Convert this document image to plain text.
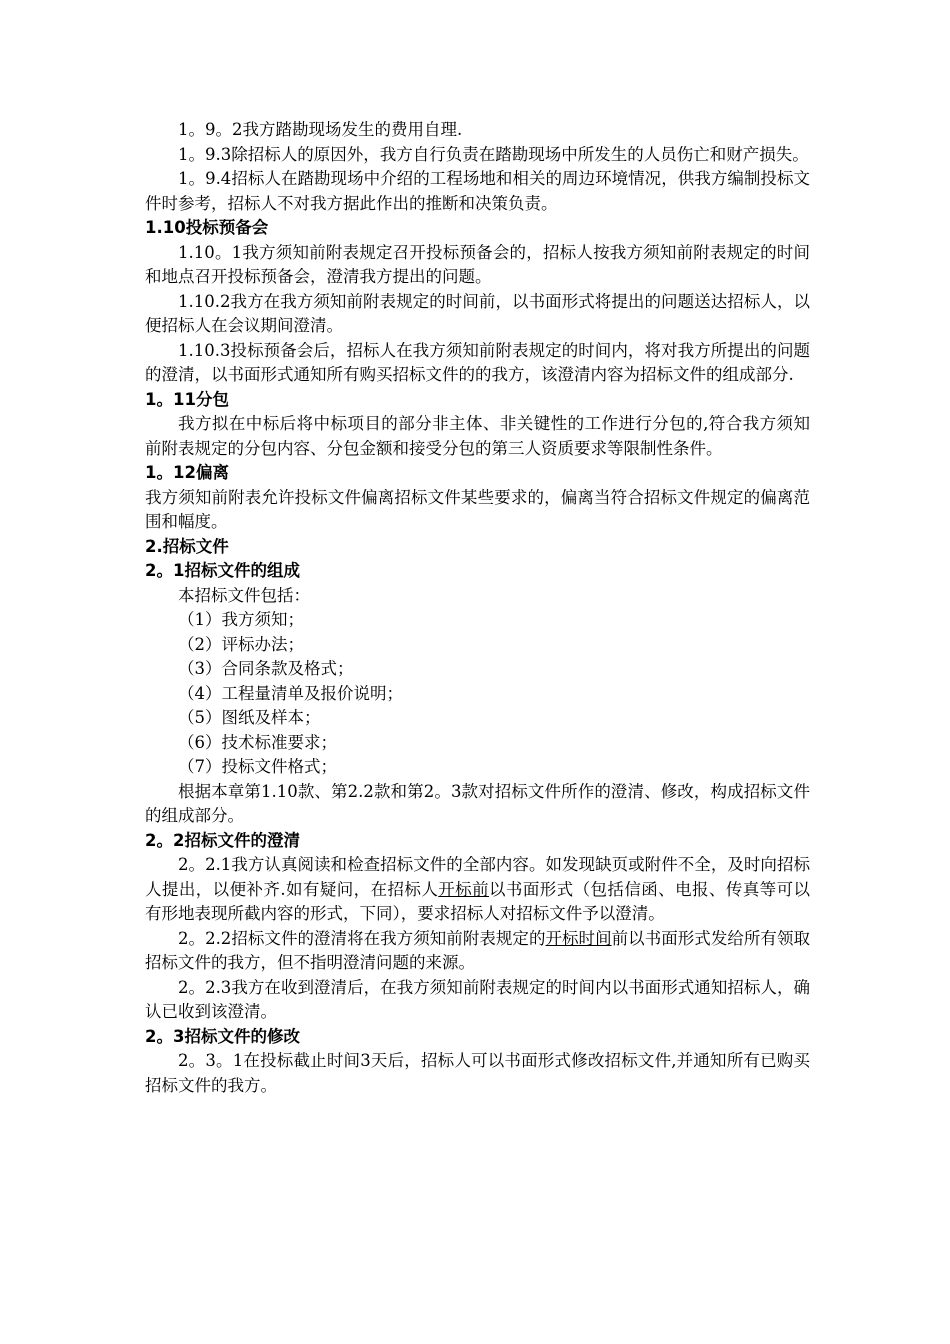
1。9。2我方踏勘现场发生的费用自理.

1。9.3除招标人的原因外，我方自行负责在踏勘现场中所发生的人员伤亡和财产损失。

1。9.4招标人在踏勘现场中介绍的工程场地和相关的周边环境情况，供我方编制投标文件时参考，招标人不对我方据此作出的推断和决策负责。

1.10投标预备会

1.10。1我方须知前附表规定召开投标预备会的，招标人按我方须知前附表规定的时间和地点召开投标预备会，澄清我方提出的问题。

1.10.2我方在我方须知前附表规定的时间前，以书面形式将提出的问题送达招标人，以便招标人在会议期间澄清。

1.10.3投标预备会后，招标人在我方须知前附表规定的时间内，将对我方所提出的问题的澄清，以书面形式通知所有购买招标文件的的我方，该澄清内容为招标文件的组成部分.

1。11分包

我方拟在中标后将中标项目的部分非主体、非关键性的工作进行分包的,符合我方须知前附表规定的分包内容、分包金额和接受分包的第三人资质要求等限制性条件。

1。12偏离

我方须知前附表允许投标文件偏离招标文件某些要求的，偏离当符合招标文件规定的偏离范围和幅度。

2.招标文件

2。1招标文件的组成

本招标文件包括：

（1）我方须知；

（2）评标办法；

（3）合同条款及格式；

（4）工程量清单及报价说明；

（5）图纸及样本；

（6）技术标准要求；

（7）投标文件格式；

根据本章第1.10款、第2.2款和第2。3款对招标文件所作的澄清、修改，构成招标文件的组成部分。

2。2招标文件的澄清

2。2.1我方认真阅读和检查招标文件的全部内容。如发现缺页或附件不全，及时向招标人提出，以便补齐.如有疑问，在招标人开标前以书面形式（包括信函、电报、传真等可以有形地表现所截内容的形式，下同），要求招标人对招标文件予以澄清。

2。2.2招标文件的澄清将在我方须知前附表规定的开标时间前以书面形式发给所有领取招标文件的我方，但不指明澄清问题的来源。

2。2.3我方在收到澄清后，在我方须知前附表规定的时间内以书面形式通知招标人，确认已收到该澄清。

2。3招标文件的修改

2。3。1在投标截止时间3天后，招标人可以书面形式修改招标文件,并通知所有已购买招标文件的我方。
